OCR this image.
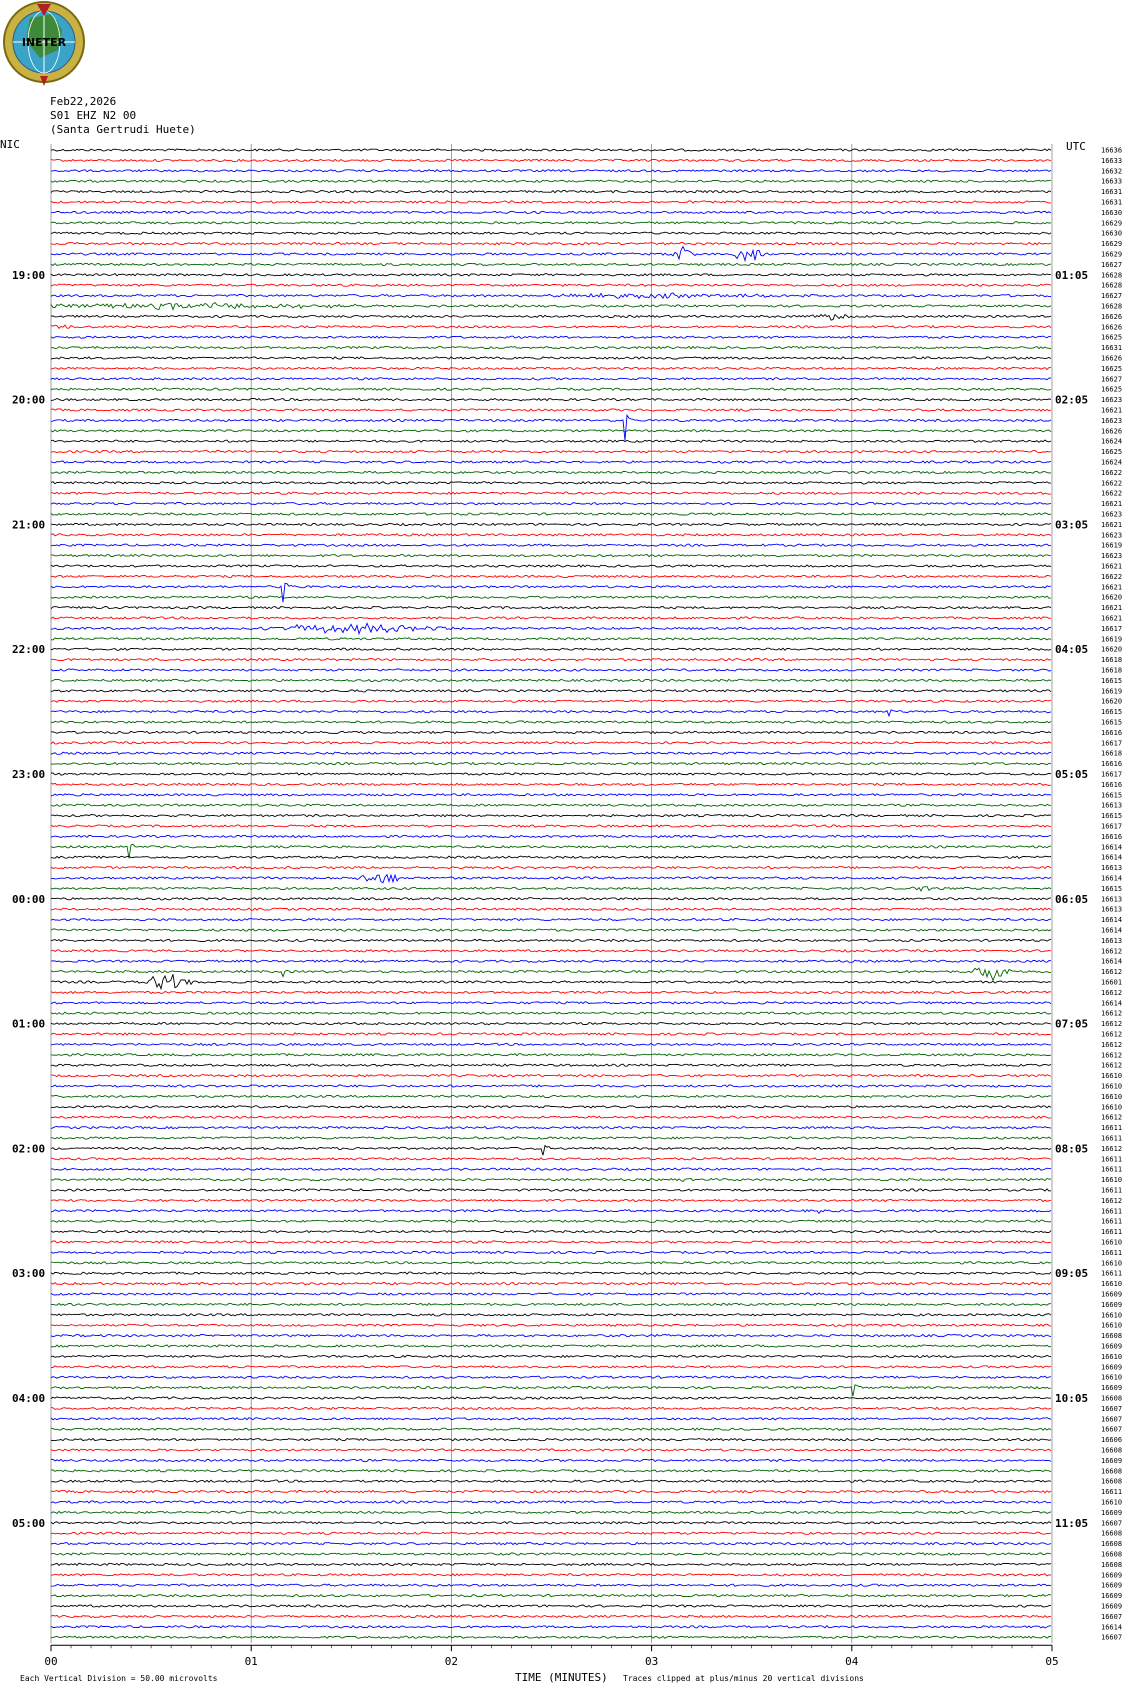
INETER
Feb22,2026
S01 EHZ N2 00
(Santa Gertrudi Huete)
NIC	UTC 16636
16633
16632
16633
16631
16631
16630
16629
16630
16629
16629
16627
16628
16628
16627
16628
16626
16626
16625
16631
16626
16625
16627
16625
16623
16621
16623
16626
16624
16625
16624
16622
16622
16622
16621
16623
16621
16623
16619
16623
16621
16622
16621
16620
16621
16621
16617
16619
16620
16618
16618
16615
16619
16620
16615
16615
16616
16617
16618
16616
16617
16616
16615
16613
16615
16617
16616
16614
16614
16613
16614
16615
16613
16613
16614
16614
16613
16612
16614
16612
16601
16612
16614
16612
16612
16612
16612
16612
16612
16610
16610
16610
16610
16612
16611
16611
16612
16611
16611
16610
16611
16612
16611
16611
16611
16610
16611
16610
16611
16610
16609
16609
16610
16610
16608
16609
16610
16609
16610
16609
16608
16607
16607
16607
16606
16608
16609
16608
16608
16611
16610
16609
16607
16608
16608
16608
16608
16609
16609
16609
16609
16607
16614
16607
19:00	01:05
20:00	02:05
21:00	03:05
22:00	04:05
23:00	05:05
00:00	06:05
01:00	07:05
02:00	08:05
03:00	09:05
04:00	10:05
05:00	11:05
00	01	02	03	04	05
Each Vertical Division = 50.00 microvolts	TIME (MINUTES) Traces clipped at plus/minus 20 vertical divisions
